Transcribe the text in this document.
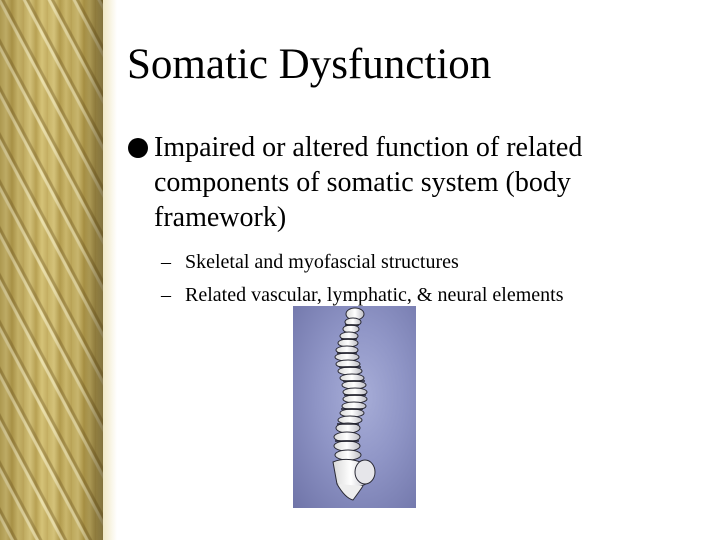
Somatic Dysfunction
Impaired or altered function of related
components of somatic system (body
framework)
– Skeletal and myofascial structures
– Related vascular, lymphatic, & neural elements
